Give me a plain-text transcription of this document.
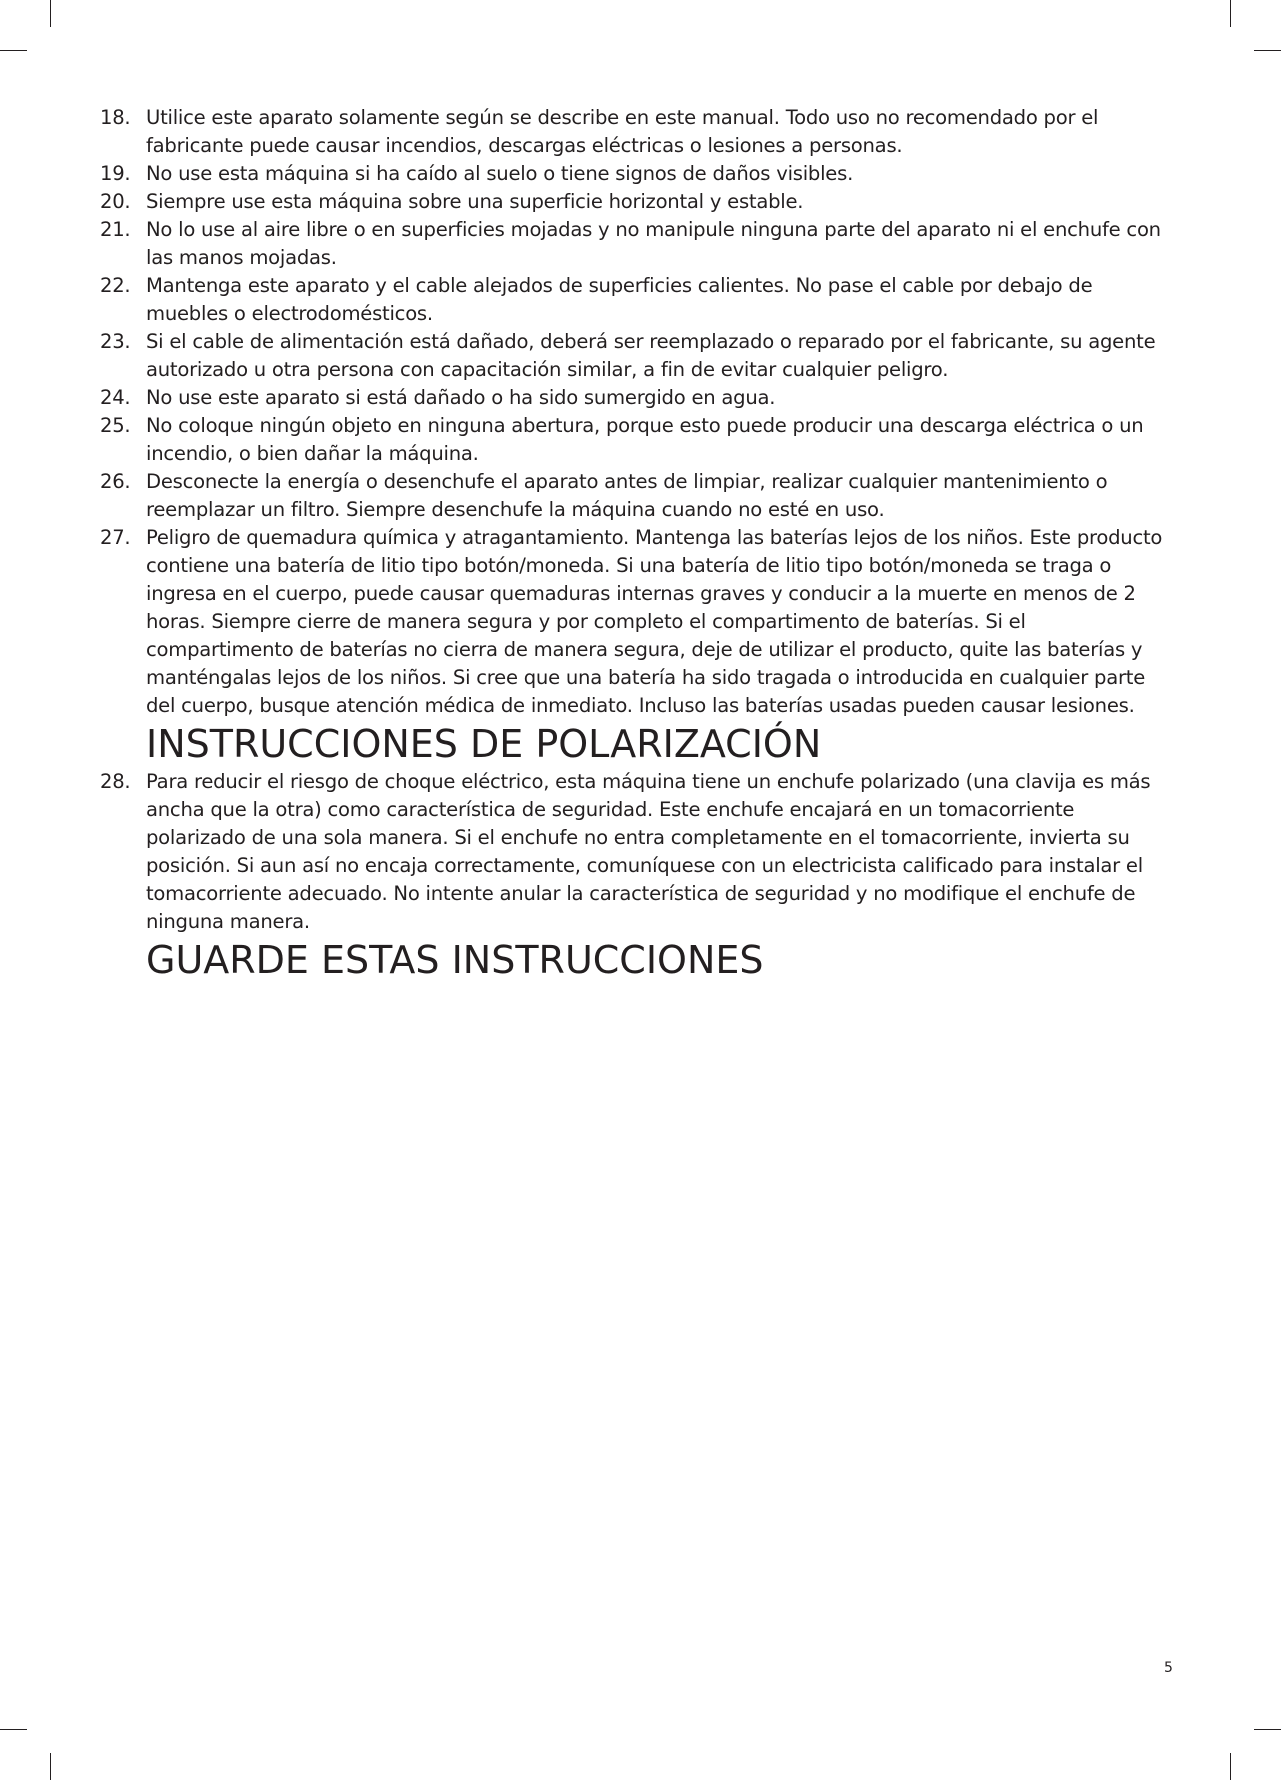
18. Utilice este aparato solamente según se describe en este manual. Todo uso no recomendado por el fabricante puede causar incendios, descargas eléctricas o lesiones a personas.
19. No use esta máquina si ha caído al suelo o tiene signos de daños visibles.
20. Siempre use esta máquina sobre una superficie horizontal y estable.
21. No lo use al aire libre o en superficies mojadas y no manipule ninguna parte del aparato ni el enchufe con las manos mojadas.
22. Mantenga este aparato y el cable alejados de superficies calientes. No pase el cable por debajo de muebles o electrodomésticos.
23. Si el cable de alimentación está dañado, deberá ser reemplazado o reparado por el fabricante, su agente autorizado u otra persona con capacitación similar, a fin de evitar cualquier peligro.
24. No use este aparato si está dañado o ha sido sumergido en agua.
25. No coloque ningún objeto en ninguna abertura, porque esto puede producir una descarga eléctrica o un incendio, o bien dañar la máquina.
26. Desconecte la energía o desenchufe el aparato antes de limpiar, realizar cualquier mantenimiento o reemplazar un filtro. Siempre desenchufe la máquina cuando no esté en uso.
27. Peligro de quemadura química y atragantamiento. Mantenga las baterías lejos de los niños. Este producto contiene una batería de litio tipo botón/moneda. Si una batería de litio tipo botón/moneda se traga o ingresa en el cuerpo, puede causar quemaduras internas graves y conducir a la muerte en menos de 2 horas. Siempre cierre de manera segura y por completo el compartimento de baterías. Si el compartimento de baterías no cierra de manera segura, deje de utilizar el producto, quite las baterías y manténgalas lejos de los niños. Si cree que una batería ha sido tragada o introducida en cualquier parte del cuerpo, busque atención médica de inmediato. Incluso las baterías usadas pueden causar lesiones.
INSTRUCCIONES DE POLARIZACIÓN
28. Para reducir el riesgo de choque eléctrico, esta máquina tiene un enchufe polarizado (una clavija es más ancha que la otra) como característica de seguridad. Este enchufe encajará en un tomacorriente polarizado de una sola manera. Si el enchufe no entra completamente en el tomacorriente, invierta su posición. Si aun así no encaja correctamente, comuníquese con un electricista calificado para instalar el tomacorriente adecuado. No intente anular la característica de seguridad y no modifique el enchufe de ninguna manera.
GUARDE ESTAS INSTRUCCIONES
5
